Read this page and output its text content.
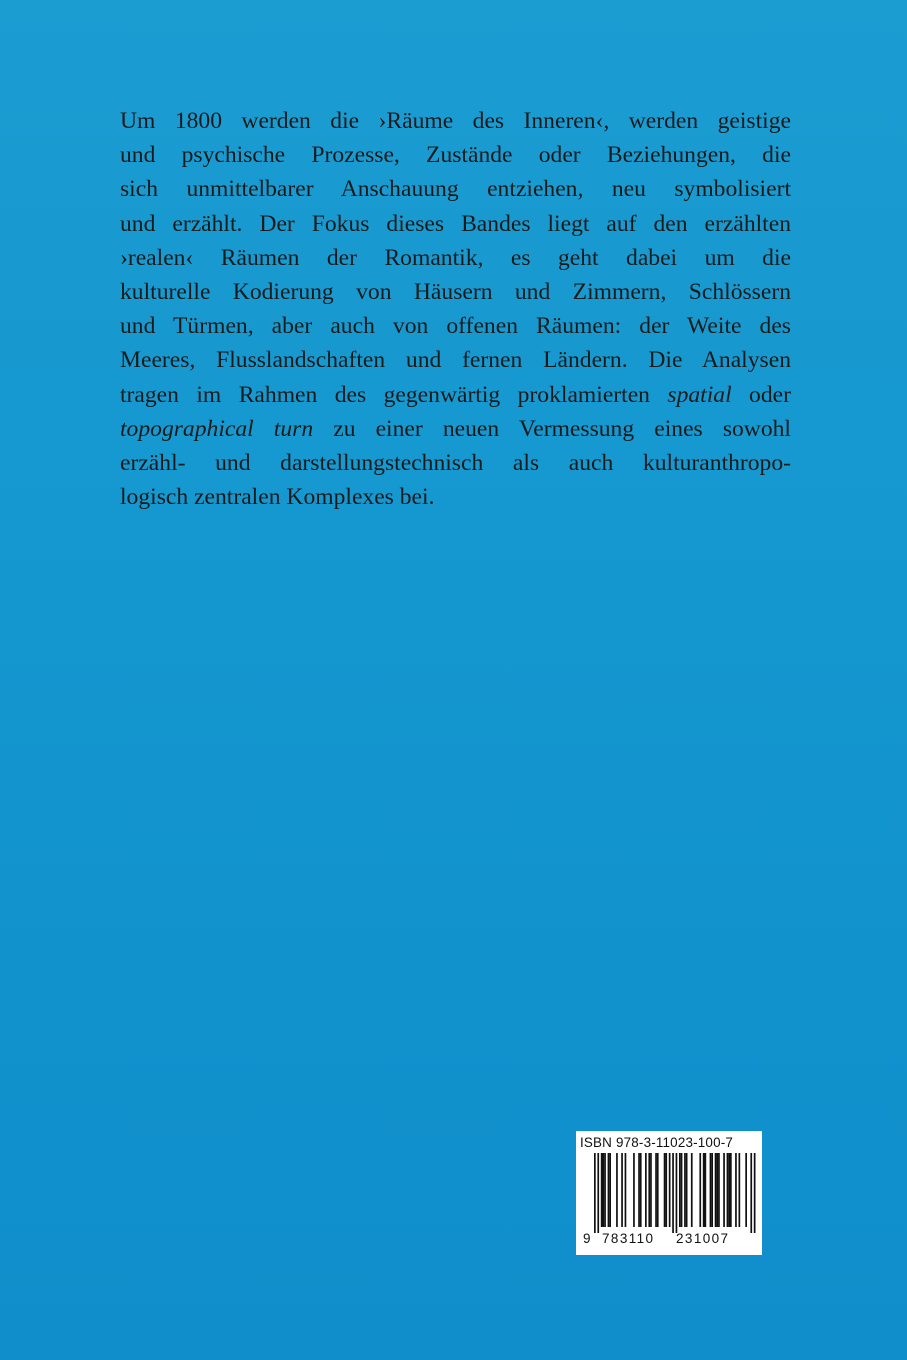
Um 1800 werden die ›Räume des Inneren‹, werden geistige
und psychische Prozesse, Zustände oder Beziehungen, die
sich unmittelbarer Anschauung entziehen, neu symbolisiert
und erzählt. Der Fokus dieses Bandes liegt auf den erzählten
›realen‹ Räumen der Romantik, es geht dabei um die
kulturelle Kodierung von Häusern und Zimmern, Schlössern
und Türmen, aber auch von offenen Räumen: der Weite des
Meeres, Flusslandschaften und fernen Ländern. Die Analysen
tragen im Rahmen des gegenwärtig proklamierten spatial oder
topographical turn zu einer neuen Vermessung eines sowohl
erzähl- und darstellungstechnisch als auch kulturanthropo-
logisch zentralen Komplexes bei.
ISBN 978-3-11023-100-7
9 783110 231007
